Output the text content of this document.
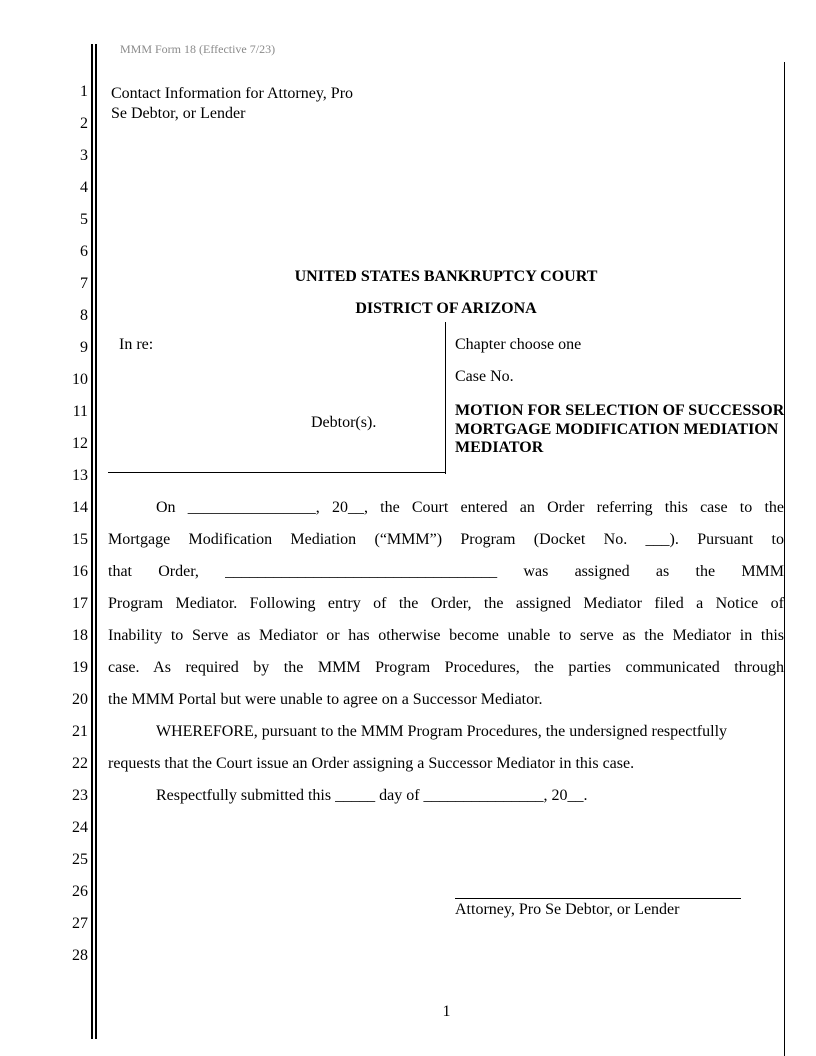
MMM Form 18 (Effective 7/23)
1
2
3
4
5
6
7
8
9
10
11
12
13
14
15
16
17
18
19
20
21
22
23
24
25
26
27
28
Contact Information for Attorney, Pro
Se Debtor, or Lender
UNITED STATES BANKRUPTCY COURT
DISTRICT OF ARIZONA
In re:
Debtor(s).
Chapter choose one
Case No.
MOTION FOR SELECTION OF SUCCESSOR MORTGAGE MODIFICATION MEDIATION MEDIATOR
On ________________, 20__, the Court entered an Order referring this case to the
Mortgage Modification Mediation (“MMM”) Program (Docket No. ___). Pursuant to
that Order, __________________________________ was assigned as the MMM
Program Mediator. Following entry of the Order, the assigned Mediator filed a Notice of
Inability to Serve as Mediator or has otherwise become unable to serve as the Mediator in this
case. As required by the MMM Program Procedures, the parties communicated through
the MMM Portal but were unable to agree on a Successor Mediator.
WHEREFORE, pursuant to the MMM Program Procedures, the undersigned respectfully
requests that the Court issue an Order assigning a Successor Mediator in this case.
Respectfully submitted this _____ day of _______________, 20__.
Attorney, Pro Se Debtor, or Lender
1
